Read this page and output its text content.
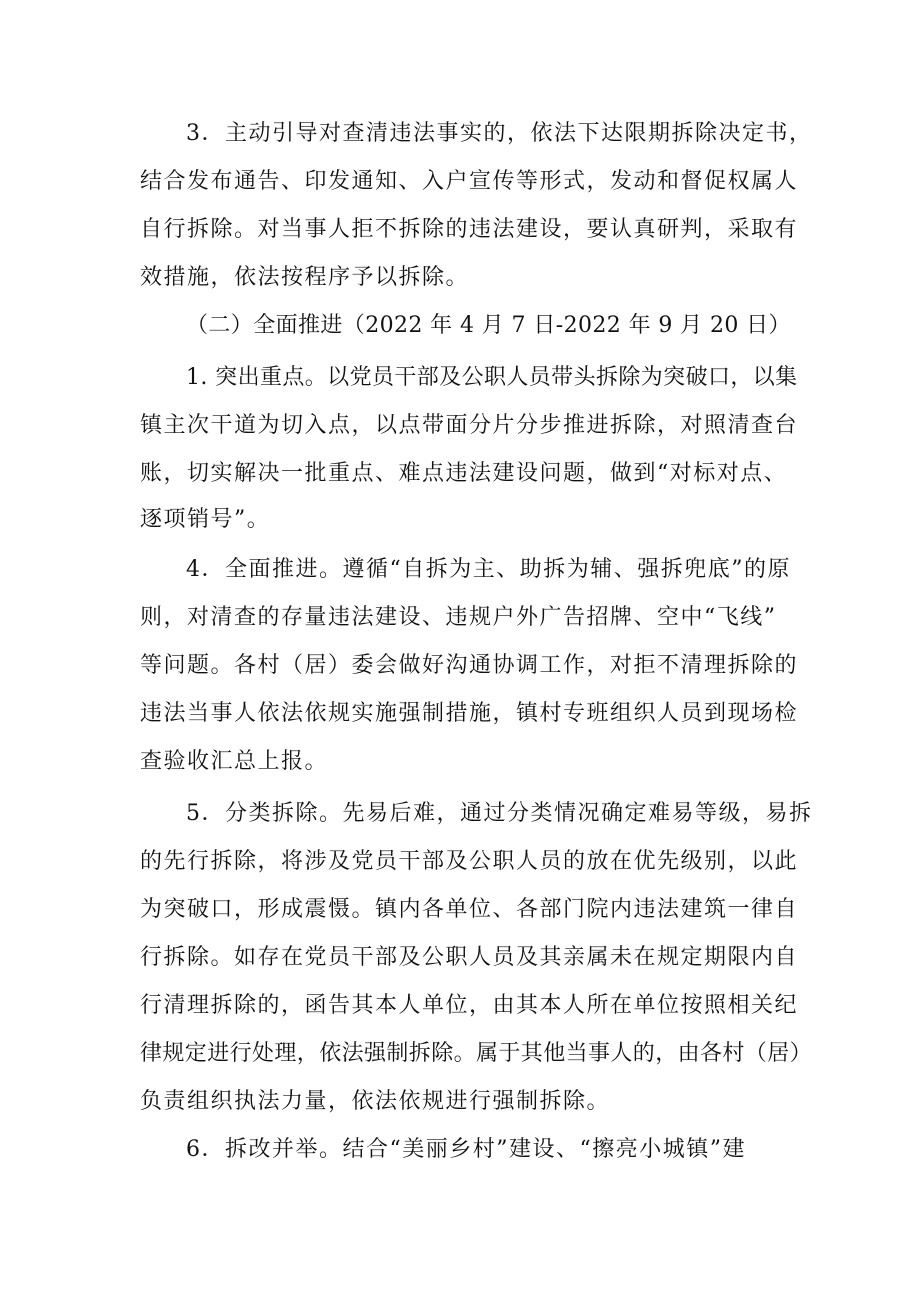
3．主动引导对查清违法事实的，依法下达限期拆除决定书，
结合发布通告、印发通知、入户宣传等形式，发动和督促权属人
自行拆除。对当事人拒不拆除的违法建设，要认真研判，采取有
效措施，依法按程序予以拆除。
（二）全面推进（2022 年 4 月 7 日-2022 年 9 月 20 日）
1. 突出重点。以党员干部及公职人员带头拆除为突破口，以集
镇主次干道为切入点，以点带面分片分步推进拆除，对照清查台
账，切实解决一批重点、难点违法建设问题，做到“对标对点、
逐项销号”。
4．全面推进。遵循“自拆为主、助拆为辅、强拆兜底”的原
则，对清查的存量违法建设、违规户外广告招牌、空中“飞线”
等问题。各村（居）委会做好沟通协调工作，对拒不清理拆除的
违法当事人依法依规实施强制措施，镇村专班组织人员到现场检
查验收汇总上报。
5．分类拆除。先易后难，通过分类情况确定难易等级，易拆
的先行拆除，将涉及党员干部及公职人员的放在优先级别，以此
为突破口，形成震慑。镇内各单位、各部门院内违法建筑一律自
行拆除。如存在党员干部及公职人员及其亲属未在规定期限内自
行清理拆除的，函告其本人单位，由其本人所在单位按照相关纪
律规定进行处理，依法强制拆除。属于其他当事人的，由各村（居）
负责组织执法力量，依法依规进行强制拆除。
6．拆改并举。结合“美丽乡村”建设、“擦亮小城镇”建
